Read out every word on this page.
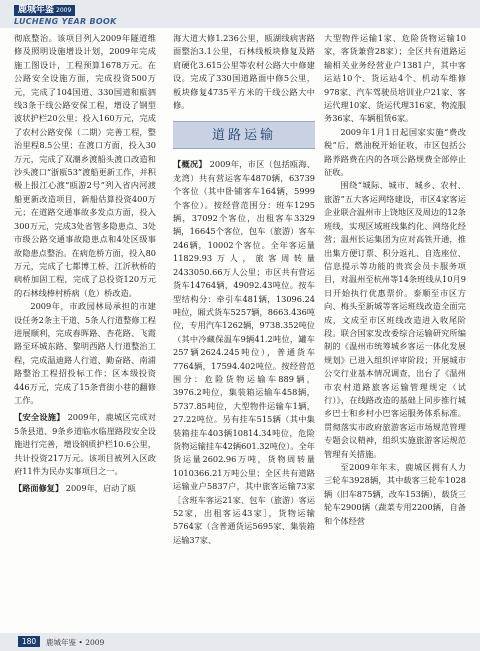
鹿城年鉴 2009
LUCHENG YEAR BOOK

彻底整治。该项目列入2009年隧道维修及照明设施增设计划，2009年完成施工图设计，工程预算1678万元。在公路安全设施方面，完成投资500万元，完成了104国道、330国道和瓯泗线3条干线公路安保工程，增设了钢型波状护栏20公里；投入160万元，完成了农村公路安保（二期）完善工程，整治里程8.5公里；在渡口方面，投入30万元，完成了双潮乡渡船头渡口改造和沙头渡口“浙瓯53”渡船更新工作，并积极上报江心渡“瓯游2号”列入省内河渡船更新改造项目，新船估算投资400万元；在道路交通事故多发点方面，投入300万元，完成3处省管多隐患点、3处市级公路交通事故隐患点和4处区级事故隐患点整治。在病危桥方面，投入80万元，完成了七都博工桥、江沂秋桥的病桥加固工程，完成了总投资120万元的石林线棒村桥病（危）桥改造。

2009年，市政园林局承担的市建设任务2条主干道、5条人行道整修工程进展顺利，完成春晖路、杏花路、飞霞路至环城东路、黎明西路人行道整治工程，完成温迪路人行道、勤奋路、南浦路整治工程招投标工作；区本级投资446万元，完成了15条背街小巷的翻修工作。

【安全设施】 2009年，鹿城区完成对5条县道、9条乡道临水临崖路段安全设施进行完善，增设钢质护栏10.6公里，共计投资217万元。该项目被列入区政府11件为民办实事项目之一。

【路面修复】 2009年，启动了瓯

海大道大修1.236公里，瓯湖线病害路面整治3.1公里，石林线板块修复及路肩硬化3.615公里等农村公路大中修建设。完成了330国道路面中修5公里，板块修复4735平方米的干线公路大中修。

道路运输

【概况】 2009年，市区（包括瓯海、龙湾）共有营运客车4870辆，63739个客位（其中卧铺客车164辆，5999个客位）。按经营范围分：班车1295辆，37092个客位，出租客车3329辆，16645个客位，包车（旅游）客车246辆，10002个客位。全年客运量11829.93万人，旅客周转量2433050.66万人公里；市区共有营运货车14764辆，49092.43吨位。按车型结构分：牵引车481辆，13096.24吨位，厢式货车5257辆，8663.436吨位，专用汽车1262辆，9738.352吨位（其中冷藏保温车9辆41.2吨位，罐车257辆2624.245吨位），普通货车7764辆，17594.402吨位。按经营范围分：危险货物运输车889辆，3976.2吨位，集装箱运输车458辆，5737.85吨位，大型物件运输车1辆，27.22吨位。另有挂车515辆（其中集装箱挂车403辆10814.34吨位，危险货物运输挂车42辆601.32吨位）。全年货运量2602.96万吨，货物周转量1010366.21万吨公里；全区共有道路运输业户5837户，其中旅客运输73家［含班车客运21家、包车（旅游）客运52家，出租客运43家］，货物运输5764家（含普通货运5695家、集装箱运输37家、

大型物件运输1家、危险货物运输10家，客货兼营28家）；全区共有道路运输相关业务经营业户1381户，其中客运站10个、货运站4个、机动车维修978家、汽车驾驶员培训业户21家、客运代理10家、货运代理316家、物流服务36家、车辆租赁6家。

2009年1月1日起国家实施“费改税”后，燃油税开始征收，市区包括公路养路费在内的各项公路规费全部停止征收。

围绕“城际、城市、城乡、农村、旅游”五大客运网络建设，市区4家客运企业联合温州市上饶地区及周边的12条班线，实现区域班线集约化、网络化经营；温州长运集团为应对高铁开通，推出集方便订票、积分返礼、自选座位、信息提示等功能的贵宾会员卡服务项目，对温州至杭州等14条班线从10月9日开始执行优惠票价。泰顺至市区方向、梅头至新城等客运班线改造全面完成，文成至市区班线改造进入收尾阶段。联合国家发改委综合运输研究所编制的《温州市统筹城乡客运一体化发展规划》已进入组织评审阶段；开展城市公交行业基本情况调查，出台了《温州市农村道路旅客运输管理规定（试行）》，在线路改造的基础上同步推行城乡巴士和乡村小巴客运服务体系标准。贯彻落实市政府旅游客运市场规范管理专题会议精神，组织实施旅游客运规范管理有关措施。

至2009年年末，鹿城区拥有人力三轮车3928辆，其中载客三轮车1028辆（旧车875辆，改车153辆），载货三轮车2900辆（蔬菜专用2200辆，自备和个体经营

180	鹿城年鉴 • 2009
